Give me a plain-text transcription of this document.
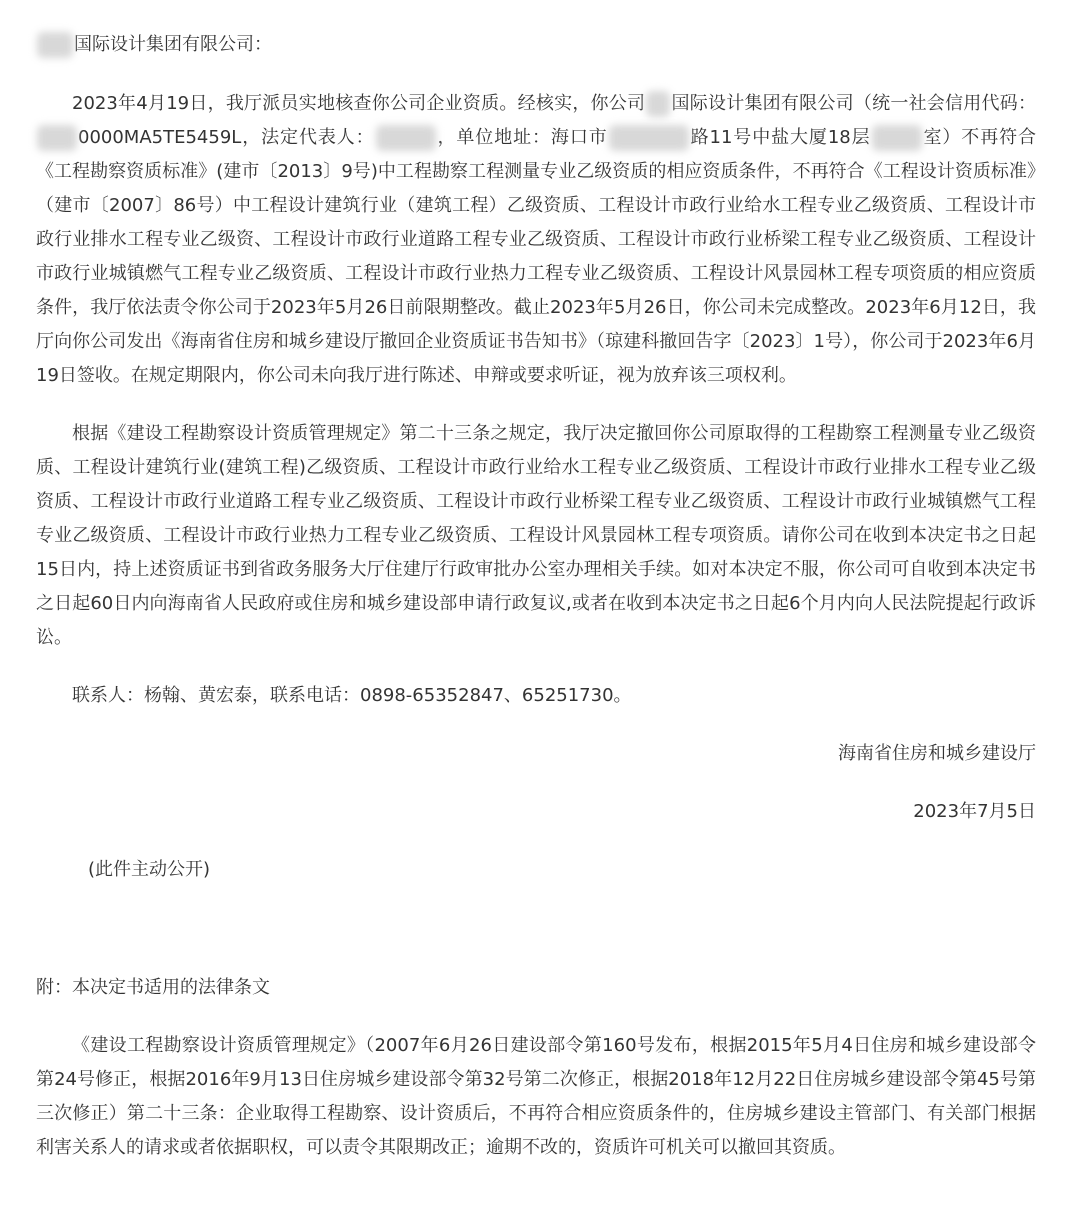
国际设计集团有限公司：

2023年4月19日，我厅派员实地核查你公司企业资质。经核实，你公司 国际设计集团有限公司（统一社会信用代码：0000MA5TE5459L，法定代表人：	，单位地址：海口市	路11号中盐大厦18层	室）不再符合《工程勘察资质标准》(建市〔2013〕9号)中工程勘察工程测量专业乙级资质的相应资质条件，不再符合《工程设计资质标准》（建市〔2007〕86号）中工程设计建筑行业（建筑工程）乙级资质、工程设计市政行业给水工程专业乙级资质、工程设计市政行业排水工程专业乙级资、工程设计市政行业道路工程专业乙级资质、工程设计市政行业桥梁工程专业乙级资质、工程设计市政行业城镇燃气工程专业乙级资质、工程设计市政行业热力工程专业乙级资质、工程设计风景园林工程专项资质的相应资质条件，我厅依法责令你公司于2023年5月26日前限期整改。截止2023年5月26日，你公司未完成整改。2023年6月12日，我厅向你公司发出《海南省住房和城乡建设厅撤回企业资质证书告知书》（琼建科撤回告字〔2023〕1号），你公司于2023年6月19日签收。在规定期限内，你公司未向我厅进行陈述、申辩或要求听证，视为放弃该三项权利。

根据《建设工程勘察设计资质管理规定》第二十三条之规定，我厅决定撤回你公司原取得的工程勘察工程测量专业乙级资质、工程设计建筑行业(建筑工程)乙级资质、工程设计市政行业给水工程专业乙级资质、工程设计市政行业排水工程专业乙级资质、工程设计市政行业道路工程专业乙级资质、工程设计市政行业桥梁工程专业乙级资质、工程设计市政行业城镇燃气工程专业乙级资质、工程设计市政行业热力工程专业乙级资质、工程设计风景园林工程专项资质。请你公司在收到本决定书之日起15日内，持上述资质证书到省政务服务大厅住建厅行政审批办公室办理相关手续。如对本决定不服，你公司可自收到本决定书之日起60日内向海南省人民政府或住房和城乡建设部申请行政复议,或者在收到本决定书之日起6个月内向人民法院提起行政诉讼。

联系人：杨翰、黄宏泰，联系电话：0898-65352847、65251730。

海南省住房和城乡建设厅

2023年7月5日

(此件主动公开)

附：本决定书适用的法律条文

《建设工程勘察设计资质管理规定》（2007年6月26日建设部令第160号发布，根据2015年5月4日住房和城乡建设部令第24号修正，根据2016年9月13日住房城乡建设部令第32号第二次修正，根据2018年12月22日住房城乡建设部令第45号第三次修正）第二十三条：企业取得工程勘察、设计资质后，不再符合相应资质条件的，住房城乡建设主管部门、有关部门根据利害关系人的请求或者依据职权，可以责令其限期改正；逾期不改的，资质许可机关可以撤回其资质。
